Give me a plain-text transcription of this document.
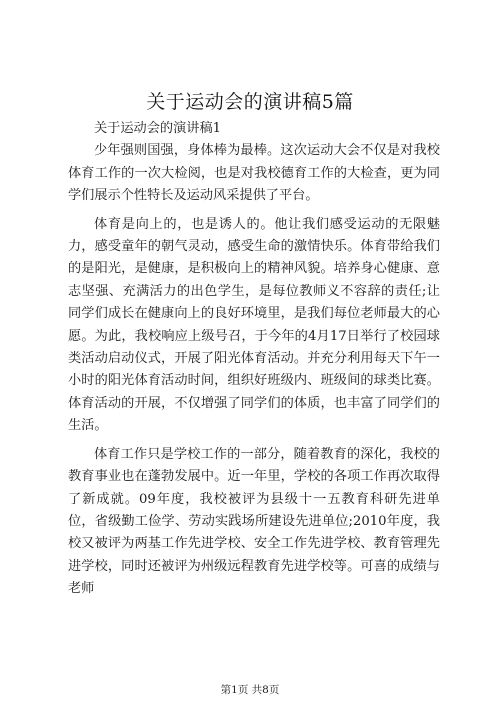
关于运动会的演讲稿5篇

关于运动会的演讲稿1

少年强则国强，身体棒为最棒。这次运动大会不仅是对我校体育工作的一次大检阅，也是对我校德育工作的大检查，更为同学们展示个性特长及运动风采提供了平台。

体育是向上的，也是诱人的。他让我们感受运动的无限魅力，感受童年的朝气灵动，感受生命的激情快乐。体育带给我们的是阳光，是健康，是积极向上的精神风貌。培养身心健康、意志坚强、充满活力的出色学生，是每位教师义不容辞的责任;让同学们成长在健康向上的良好环境里，是我们每位老师最大的心愿。为此，我校响应上级号召，于今年的4月17日举行了校园球类活动启动仪式，开展了阳光体育活动。并充分利用每天下午一小时的阳光体育活动时间，组织好班级内、班级间的球类比赛。体育活动的开展，不仅增强了同学们的体质，也丰富了同学们的生活。

体育工作只是学校工作的一部分，随着教育的深化，我校的教育事业也在蓬勃发展中。近一年里，学校的各项工作再次取得了新成就。09年度，我校被评为县级十一五教育科研先进单位，省级勤工俭学、劳动实践场所建设先进单位;2010年度，我校又被评为两基工作先进学校、安全工作先进学校、教育管理先进学校，同时还被评为州级远程教育先进学校等。可喜的成绩与老师

第1页 共8页
